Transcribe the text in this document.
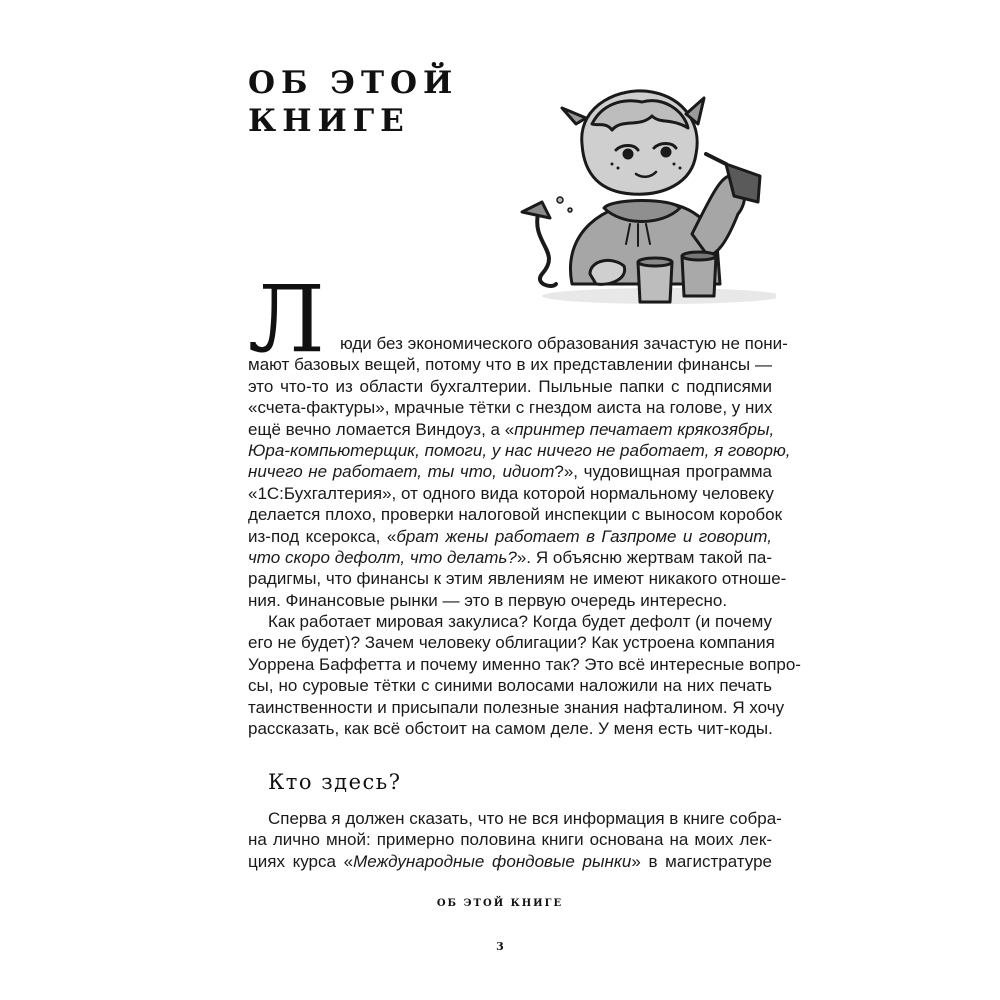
ОБ ЭТОЙ
КНИГЕ
Л юди без экономического образования зачастую не пони-
мают базовых вещей, потому что в их представлении финансы —
это что-то из области бухгалтерии. Пыльные папки с подписями
«счета-фактуры», мрачные тётки с гнездом аиста на голове, у них
ещё вечно ломается Виндоуз, а «принтер печатает крякозябры,
Юра-компьютерщик, помоги, у нас ничего не работает, я говорю,
ничего не работает, ты что, идиот?», чудовищная программа
«1С:Бухгалтерия», от одного вида которой нормальному человеку
делается плохо, проверки налоговой инспекции с выносом коробок
из-под ксерокса, «брат жены работает в Газпроме и говорит,
что скоро дефолт, что делать?». Я объясню жертвам такой па-
радигмы, что финансы к этим явлениям не имеют никакого отноше-
ния. Финансовые рынки — это в первую очередь интересно.
Как работает мировая закулиса? Когда будет дефолт (и почему
его не будет)? Зачем человеку облигации? Как устроена компания
Уоррена Баффетта и почему именно так? Это всё интересные вопро-
сы, но суровые тётки с синими волосами наложили на них печать
таинственности и присыпали полезные знания нафталином. Я хочу
рассказать, как всё обстоит на самом деле. У меня есть чит-коды.
Кто здесь?
Сперва я должен сказать, что не вся информация в книге собра-
на лично мной: примерно половина книги основана на моих лек-
циях курса «Международные фондовые рынки» в магистратуре
ОБ ЭТОЙ КНИГЕ
3
